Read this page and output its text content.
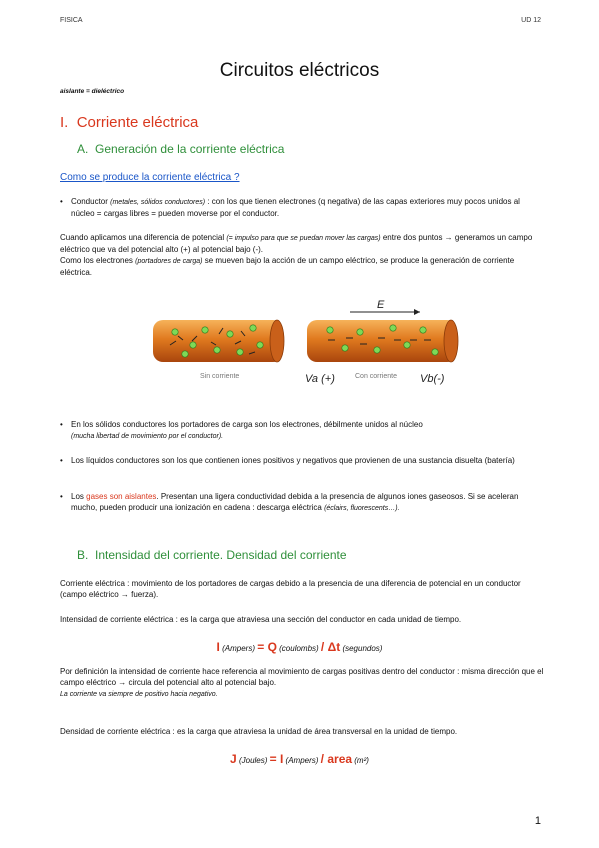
FISICA	UD 12
Circuitos eléctricos
aislante = dieléctrico
I. Corriente eléctrica
A. Generación de la corriente eléctrica
Como se produce la corriente eléctrica ?
• Conductor (metales, sólidos conductores) : con los que tienen electrones (q negativa) de las capas exteriores muy pocos unidos al núcleo = cargas libres = pueden moverse por el conductor.
Cuando aplicamos una diferencia de potencial (= impulso para que se puedan mover las cargas) entre dos puntos → generamos un campo eléctrico que va del potencial alto (+) al potencial bajo (-).
Como los electrones (portadores de carga) se mueven bajo la acción de un campo eléctrico, se produce la generación de corriente eléctrica.
Sin corriente
E
Va (+)	Con corriente Vb(-)
• En los sólidos conductores los portadores de carga son los electrones, débilmente unidos al núcleo
(mucha libertad de movimiento por el conductor).
• Los líquidos conductores son los que contienen iones positivos y negativos que provienen de una sustancia disuelta (batería)
• Los gases son aislantes. Presentan una ligera conductividad debida a la presencia de algunos iones gaseosos. Si se aceleran mucho, pueden producir una ionización en cadena : descarga eléctrica (éclairs, fluorescents…).
B. Intensidad del corriente. Densidad del corriente
Corriente eléctrica : movimiento de los portadores de cargas debido a la presencia de una diferencia de potencial en un conductor (campo eléctrico → fuerza).
Intensidad de corriente eléctrica : es la carga que atraviesa una sección del conductor en cada unidad de tiempo.
I (Ampers) = Q (coulombs) / Δt (segundos)
Por definición la intensidad de corriente hace referencia al movimiento de cargas positivas dentro del conductor : misma dirección que el campo eléctrico → circula del potencial alto al potencial bajo.
La corriente va siempre de positivo hacia negativo.
Densidad de corriente eléctrica : es la carga que atraviesa la unidad de área transversal en la unidad de tiempo.
J (Joules) = I (Ampers) / area (m²)
1
